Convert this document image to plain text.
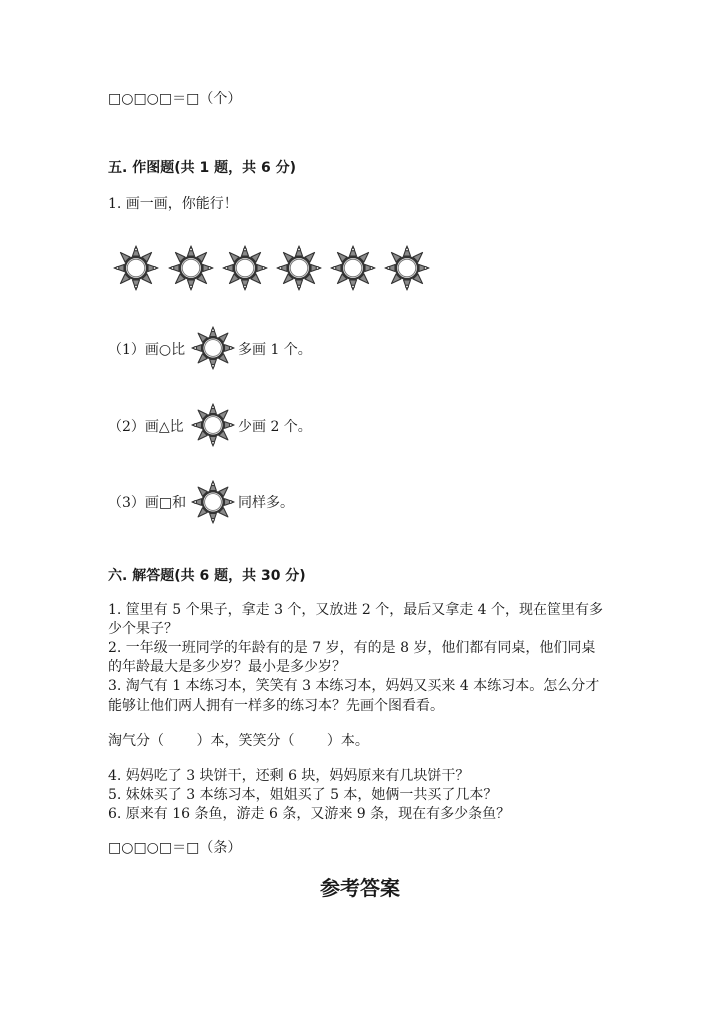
□○□○□＝□（个）
五. 作图题(共 1 题，共 6 分)
1. 画一画，你能行！
（1）画○比	多画 1 个。
（2）画△比	少画 2 个。
（3）画□和	同样多。
六. 解答题(共 6 题，共 30 分)
1. 筐里有 5 个果子，拿走 3 个，又放进 2 个，最后又拿走 4 个，现在筐里有多
少个果子？
2. 一年级一班同学的年龄有的是 7 岁，有的是 8 岁，他们都有同桌，他们同桌
的年龄最大是多少岁？最小是多少岁？
3. 淘气有 1 本练习本，笑笑有 3 本练习本，妈妈又买来 4 本练习本。怎么分才
能够让他们两人拥有一样多的练习本？先画个图看看。
淘气分（　　 ）本，笑笑分（　　 ）本。
4. 妈妈吃了 3 块饼干，还剩 6 块，妈妈原来有几块饼干？
5. 妹妹买了 3 本练习本，姐姐买了 5 本，她俩一共买了几本？
6. 原来有 16 条鱼，游走 6 条，又游来 9 条，现在有多少条鱼？
□○□○□＝□（条）
参考答案
